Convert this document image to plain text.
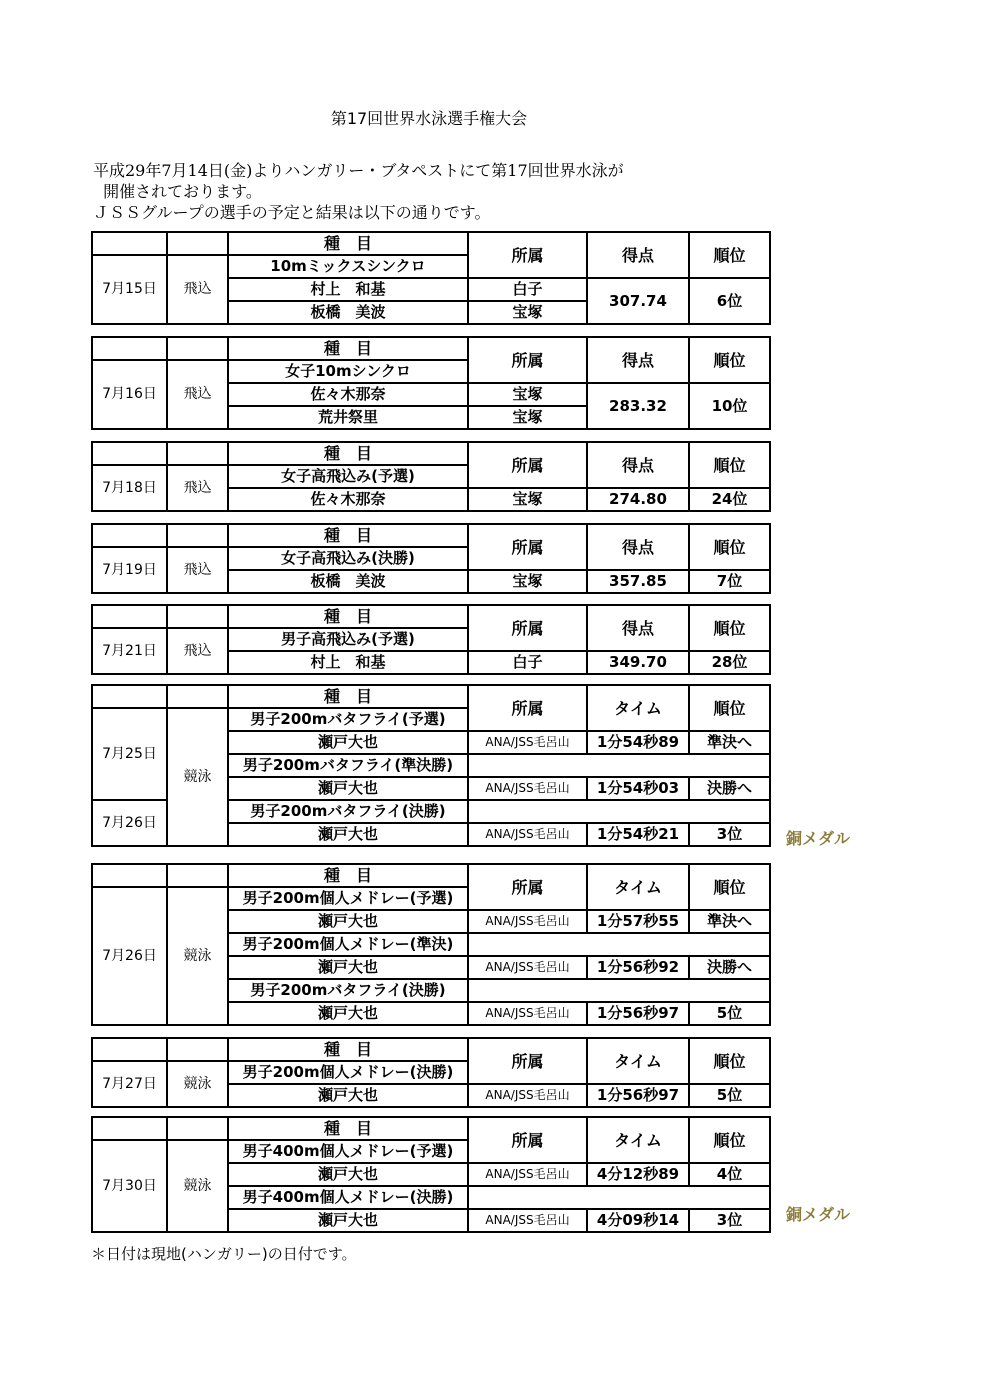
第17回世界水泳選手権大会
平成29年7月14日(金)よりハンガリー・ブタペストにて第17回世界水泳が
開催されております。
ＪＳＳグループの選手の予定と結果は以下の通りです。
		種　目	所属	得点	順位
7月15日	飛込	10mミックスシンクロ			
		村上　和基	白子	307.74	6位
		板橋　美波	宝塚		
		種　目	所属	得点	順位
7月16日	飛込	女子10mシンクロ			
		佐々木那奈	宝塚	283.32	10位
		荒井祭里	宝塚		
		種　目	所属	得点	順位
7月18日	飛込	女子高飛込み(予選)			
		佐々木那奈	宝塚	274.80	24位
		種　目	所属	得点	順位
7月19日	飛込	女子高飛込み(決勝)			
		板橋　美波	宝塚	357.85	7位
		種　目	所属	得点	順位
7月21日	飛込	男子高飛込み(予選)			
		村上　和基	白子	349.70	28位
		種　目	所属	タイム	順位
7月25日	競泳	男子200mバタフライ(予選)			
		瀬戸大也	ANA/JSS毛呂山	1分54秒89	準決へ
		男子200mバタフライ(準決勝)			
		瀬戸大也	ANA/JSS毛呂山	1分54秒03	決勝へ
7月26日		男子200mバタフライ(決勝)			
		瀬戸大也	ANA/JSS毛呂山	1分54秒21	3位	銅メダル
		種　目	所属	タイム	順位
7月26日	競泳	男子200m個人メドレー(予選)			
		瀬戸大也	ANA/JSS毛呂山	1分57秒55	準決へ
		男子200m個人メドレー(準決)			
		瀬戸大也	ANA/JSS毛呂山	1分56秒92	決勝へ
		男子200mバタフライ(決勝)			
		瀬戸大也	ANA/JSS毛呂山	1分56秒97	5位
		種　目	所属	タイム	順位
7月27日	競泳	男子200m個人メドレー(決勝)			
		瀬戸大也	ANA/JSS毛呂山	1分56秒97	5位
		種　目	所属	タイム	順位
7月30日	競泳	男子400m個人メドレー(予選)			
		瀬戸大也	ANA/JSS毛呂山	4分12秒89	4位
		男子400m個人メドレー(決勝)			
		瀬戸大也	ANA/JSS毛呂山	4分09秒14	3位	銅メダル
＊日付は現地(ハンガリー)の日付です。
